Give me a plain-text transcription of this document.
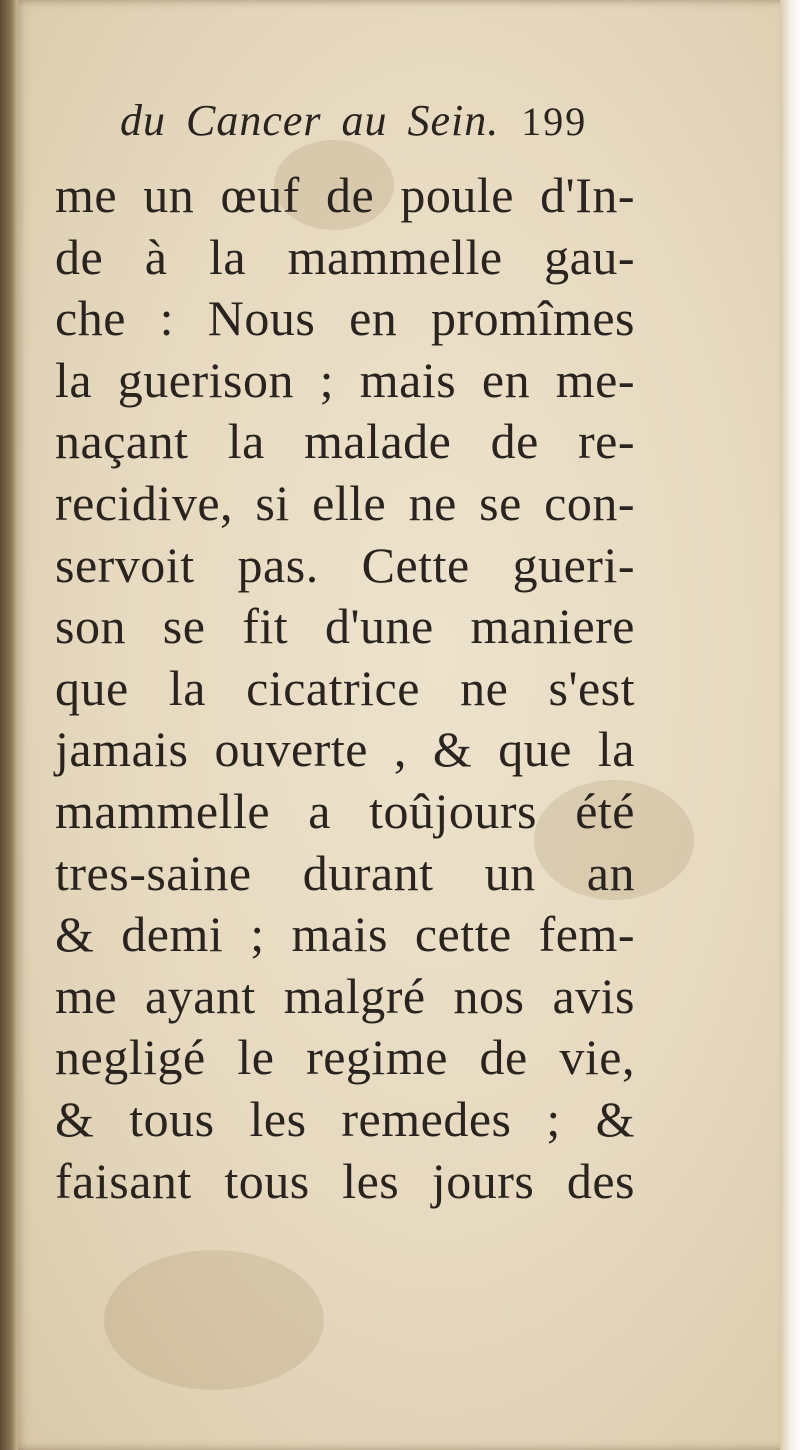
du Cancer au Sein. 199
me un œuf de poule d'In-
de à la mammelle gau-
che : Nous en promîmes
la guerison ; mais en me-
naçant la malade de re-
recidive, si elle ne se con-
servoit pas. Cette gueri-
son se fit d'une maniere
que la cicatrice ne s'est
jamais ouverte , & que la
mammelle a toûjours été
tres-saine durant un an
& demi ; mais cette fem-
me ayant malgré nos avis
negligé le regime de vie,
& tous les remedes ; &
faisant tous les jours des
